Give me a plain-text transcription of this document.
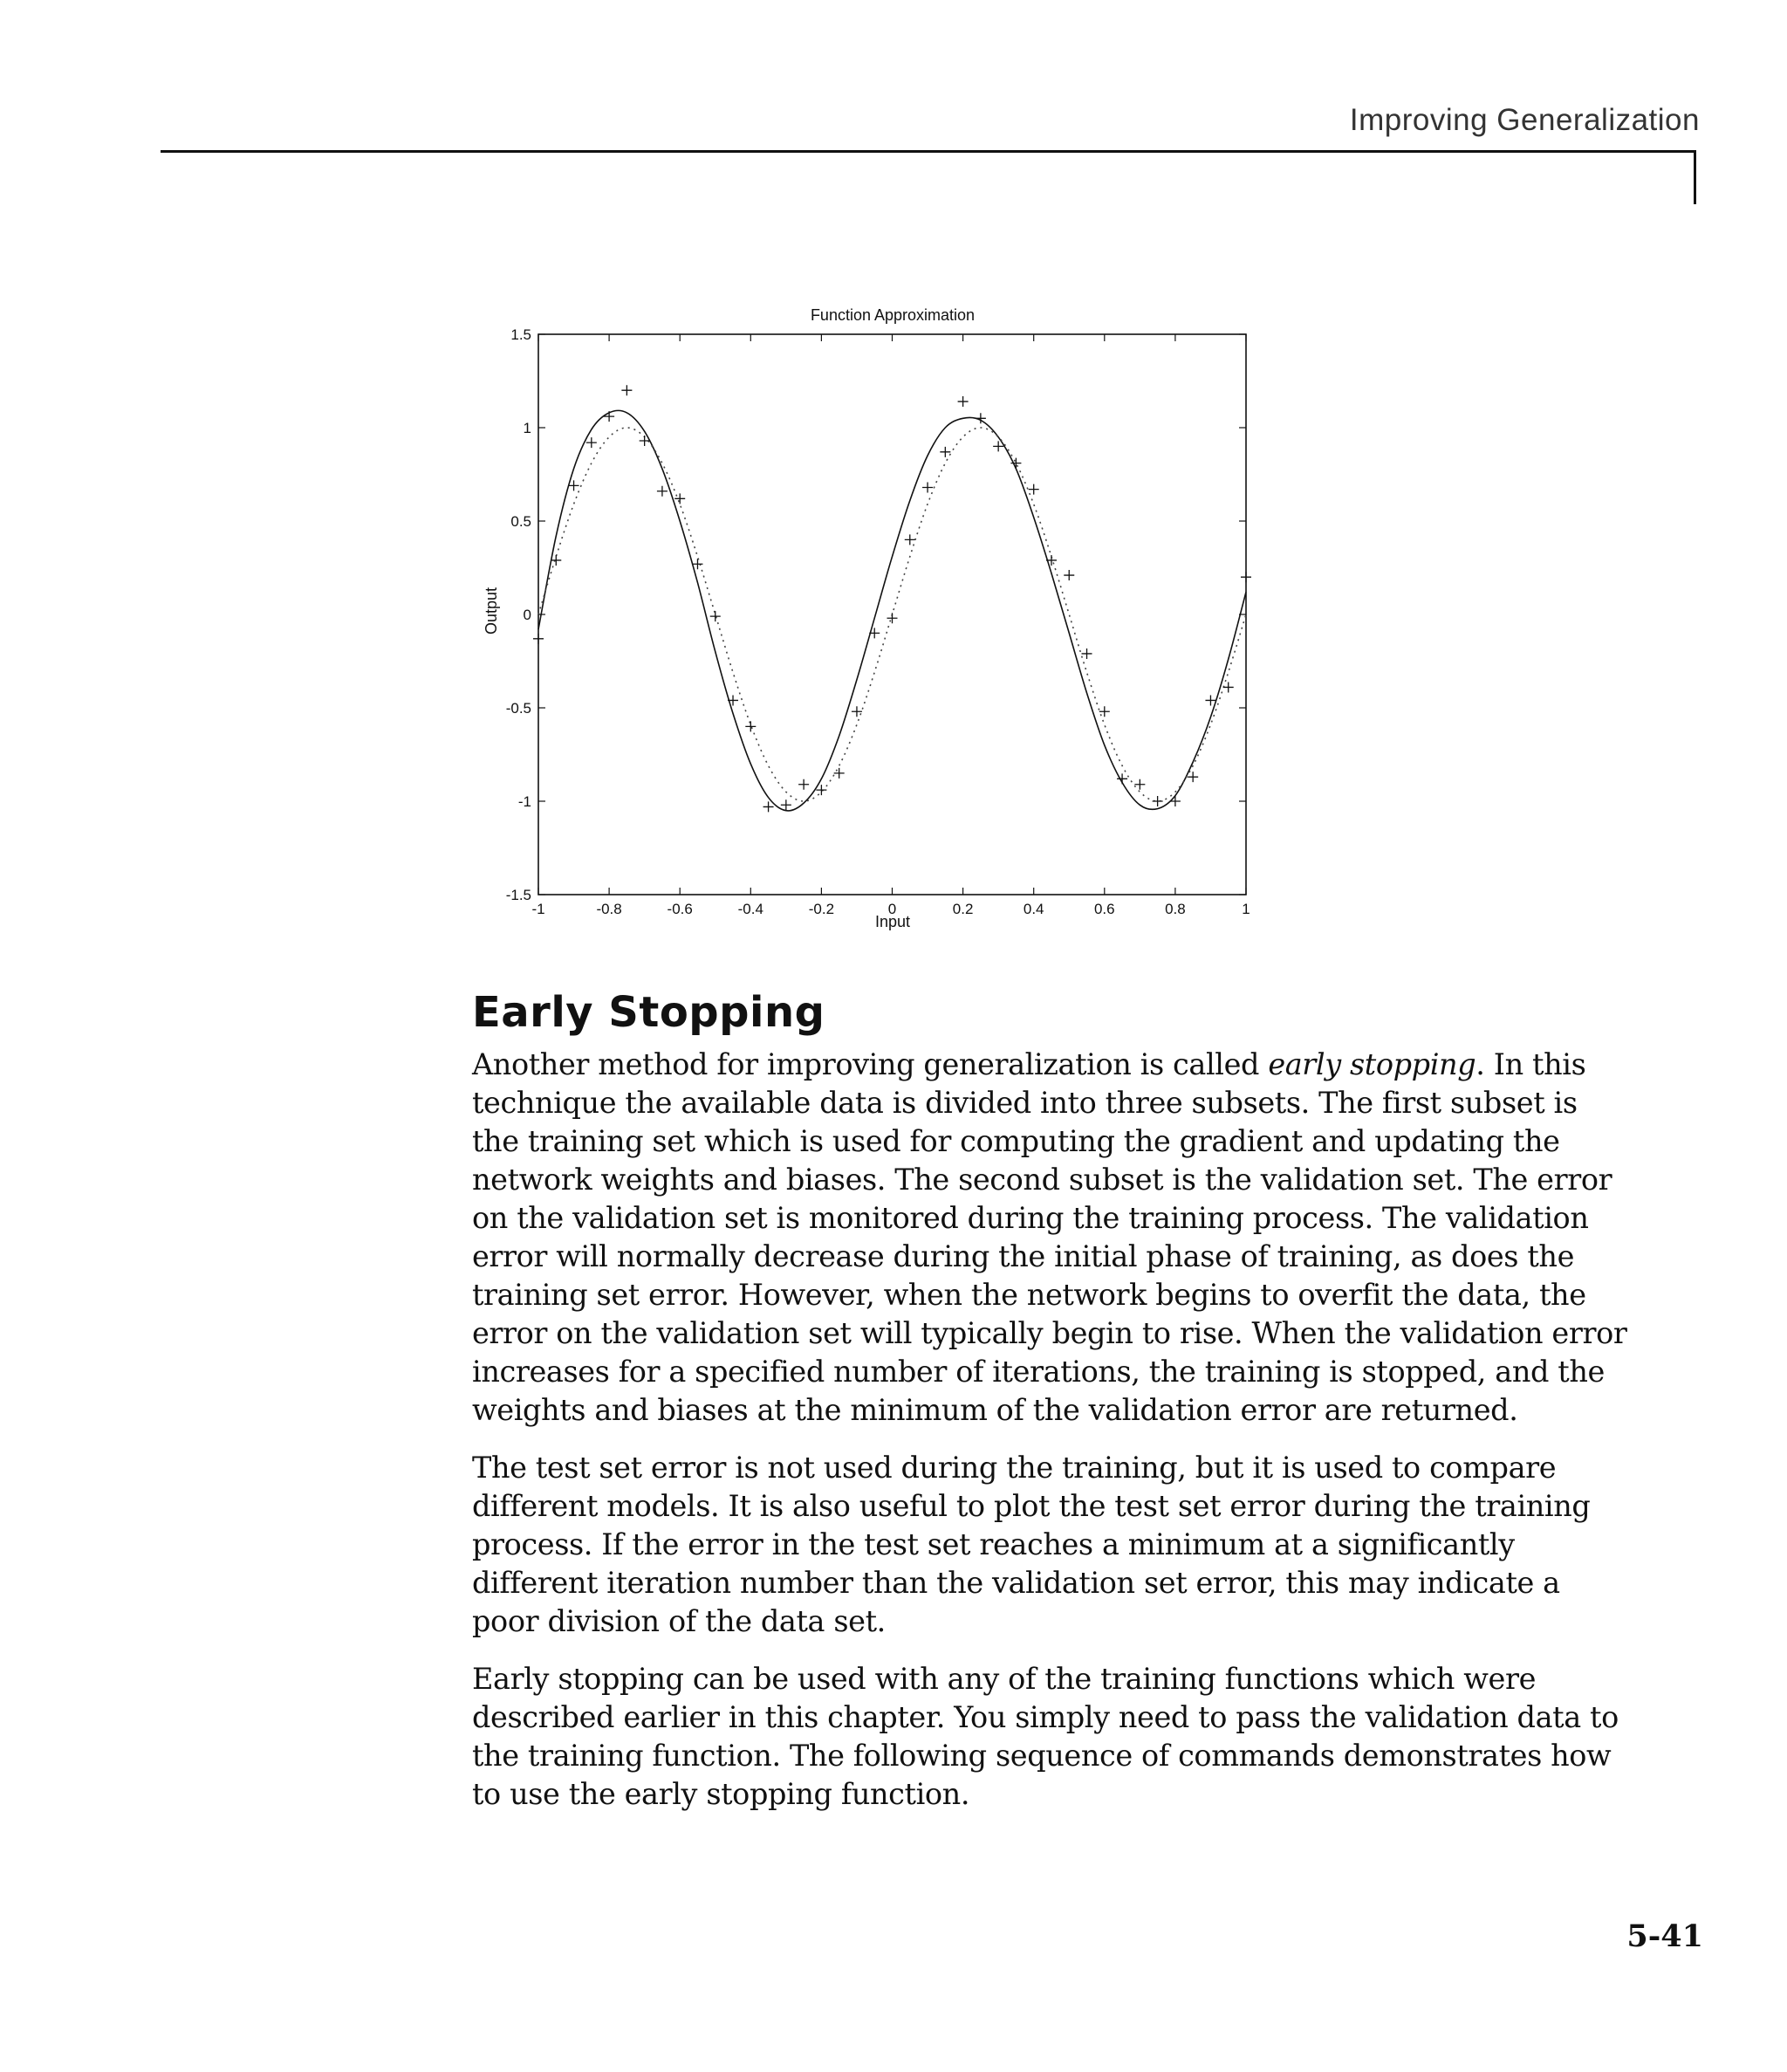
Improving Generalization
Function Approximation
Output
Input
-1	-0.8	-0.6	-0.4	-0.2	0	0.2	0.4	0.6	0.8	1
1.5
1
0.5
0
-0.5
-1
-1.5
Early Stopping

Another method for improving generalization is called early stopping. In this technique the available data is divided into three subsets. The first subset is the training set which is used for computing the gradient and updating the network weights and biases. The second subset is the validation set. The error on the validation set is monitored during the training process. The validation error will normally decrease during the initial phase of training, as does the training set error. However, when the network begins to overfit the data, the error on the validation set will typically begin to rise. When the validation error increases for a specified number of iterations, the training is stopped, and the weights and biases at the minimum of the validation error are returned.

The test set error is not used during the training, but it is used to compare different models. It is also useful to plot the test set error during the training process. If the error in the test set reaches a minimum at a significantly different iteration number than the validation set error, this may indicate a poor division of the data set.

Early stopping can be used with any of the training functions which were described earlier in this chapter. You simply need to pass the validation data to the training function. The following sequence of commands demonstrates how to use the early stopping function.

5-41
